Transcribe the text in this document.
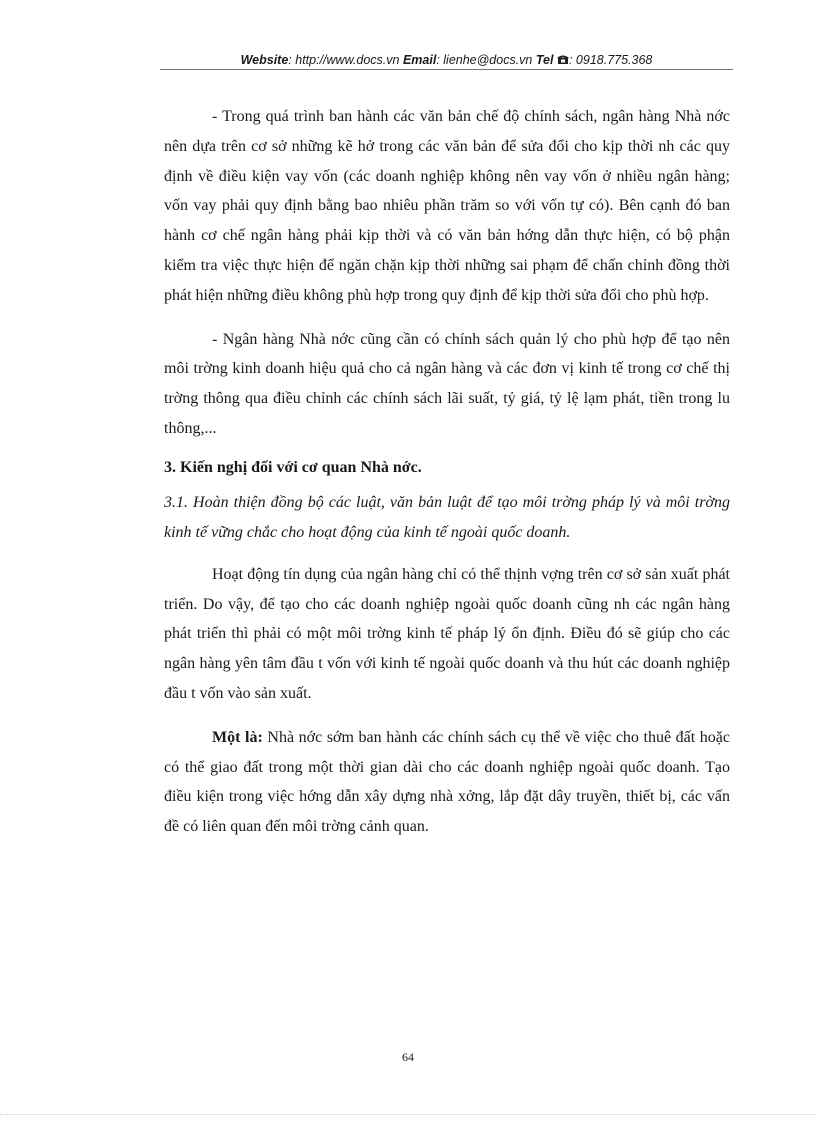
Website: http://www.docs.vn Email: lienhe@docs.vn Tel : 0918.775.368

- Trong quá trình ban hành các văn bản chế độ chính sách, ngân hàng Nhà nớc nên dựa trên cơ sở những kẽ hở trong các văn bản để sửa đổi cho kịp thời nh các quy định về điều kiện vay vốn (các doanh nghiệp không nên vay vốn ở nhiều ngân hàng; vốn vay phải quy định bằng bao nhiêu phần trăm so với vốn tự có). Bên cạnh đó ban hành cơ chế ngân hàng phải kịp thời và có văn bản hớng dẫn thực hiện, có bộ phận kiểm tra việc thực hiện để ngăn chặn kịp thời những sai phạm để chấn chỉnh đồng thời phát hiện những điều không phù hợp trong quy định để kịp thời sửa đổi cho phù hợp.

- Ngân hàng Nhà nớc cũng cần có chính sách quản lý cho phù hợp để tạo nên môi trờng kinh doanh hiệu quả cho cả ngân hàng và các đơn vị kinh tế trong cơ chế thị trờng thông qua điều chỉnh các chính sách lãi suất, tỷ giá, tỷ lệ lạm phát, tiền trong lu thông,...

3. Kiến nghị đối với cơ quan Nhà nớc.

3.1. Hoàn thiện đồng bộ các luật, văn bản luật để tạo môi trờng pháp lý và môi trờng kinh tế vững chắc cho hoạt động của kinh tế ngoài quốc doanh.

Hoạt động tín dụng của ngân hàng chỉ có thể thịnh vợng trên cơ sở sản xuất phát triển. Do vậy, để tạo cho các doanh nghiệp ngoài quốc doanh cũng nh các ngân hàng phát triển thì phải có một môi trờng kinh tế pháp lý ổn định. Điều đó sẽ giúp cho các ngân hàng yên tâm đầu t vốn với kinh tế ngoài quốc doanh và thu hút các doanh nghiệp đầu t vốn vào sản xuất.

Một là: Nhà nớc sớm ban hành các chính sách cụ thể về việc cho thuê đất hoặc có thể giao đất trong một thời gian dài cho các doanh nghiệp ngoài quốc doanh. Tạo điều kiện trong việc hớng dẫn xây dựng nhà xởng, lắp đặt dây truyền, thiết bị, các vấn đề có liên quan đến môi trờng cảnh quan.

64
